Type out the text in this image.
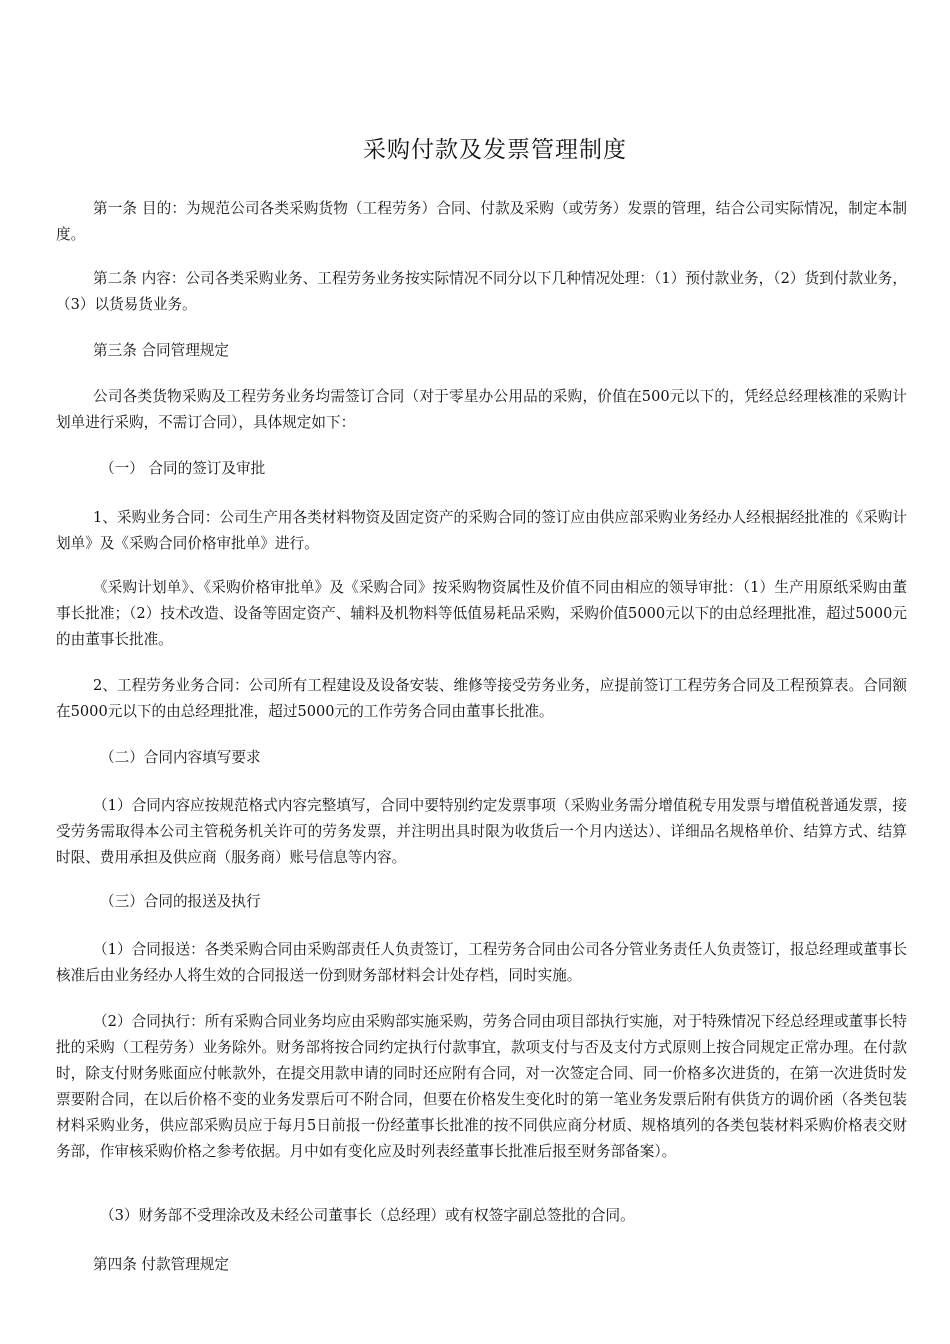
采购付款及发票管理制度

第一条 目的：为规范公司各类采购货物（工程劳务）合同、付款及采购（或劳务）发票的管理，结合公司实际情况，制定本制度。

第二条 内容：公司各类采购业务、工程劳务业务按实际情况不同分以下几种情况处理：（1）预付款业务，（2）货到付款业务，（3）以货易货业务。

第三条 合同管理规定

公司各类货物采购及工程劳务业务均需签订合同（对于零星办公用品的采购，价值在500元以下的，凭经总经理核准的采购计划单进行采购，不需订合同），具体规定如下：

（一） 合同的签订及审批

1、采购业务合同：公司生产用各类材料物资及固定资产的采购合同的签订应由供应部采购业务经办人经根据经批准的《采购计划单》及《采购合同价格审批单》进行。

《采购计划单》、《采购价格审批单》及《采购合同》按采购物资属性及价值不同由相应的领导审批：（1）生产用原纸采购由董事长批准；（2）技术改造、设备等固定资产、辅料及机物料等低值易耗品采购，采购价值5000元以下的由总经理批准，超过5000元的由董事长批准。

2、工程劳务业务合同：公司所有工程建设及设备安装、维修等接受劳务业务，应提前签订工程劳务合同及工程预算表。合同额在5000元以下的由总经理批准，超过5000元的工作劳务合同由董事长批准。

（二）合同内容填写要求

（1）合同内容应按规范格式内容完整填写，合同中要特别约定发票事项（采购业务需分增值税专用发票与增值税普通发票，接受劳务需取得本公司主管税务机关许可的劳务发票，并注明出具时限为收货后一个月内送达）、详细品名规格单价、结算方式、结算时限、费用承担及供应商（服务商）账号信息等内容。

（三）合同的报送及执行

（1）合同报送：各类采购合同由采购部责任人负责签订，工程劳务合同由公司各分管业务责任人负责签订，报总经理或董事长核准后由业务经办人将生效的合同报送一份到财务部材料会计处存档，同时实施。

（2）合同执行：所有采购合同业务均应由采购部实施采购，劳务合同由项目部执行实施，对于特殊情况下经总经理或董事长特批的采购（工程劳务）业务除外。财务部将按合同约定执行付款事宜，款项支付与否及支付方式原则上按合同规定正常办理。在付款时，除支付财务账面应付帐款外，在提交用款申请的同时还应附有合同，对一次签定合同、同一价格多次进货的，在第一次进货时发票要附合同，在以后价格不变的业务发票后可不附合同，但要在价格发生变化时的第一笔业务发票后附有供货方的调价函（各类包装材料采购业务，供应部采购员应于每月5日前报一份经董事长批准的按不同供应商分材质、规格填列的各类包装材料采购价格表交财务部，作审核采购价格之参考依据。月中如有变化应及时列表经董事长批准后报至财务部备案）。

（3）财务部不受理涂改及未经公司董事长（总经理）或有权签字副总签批的合同。

第四条 付款管理规定
